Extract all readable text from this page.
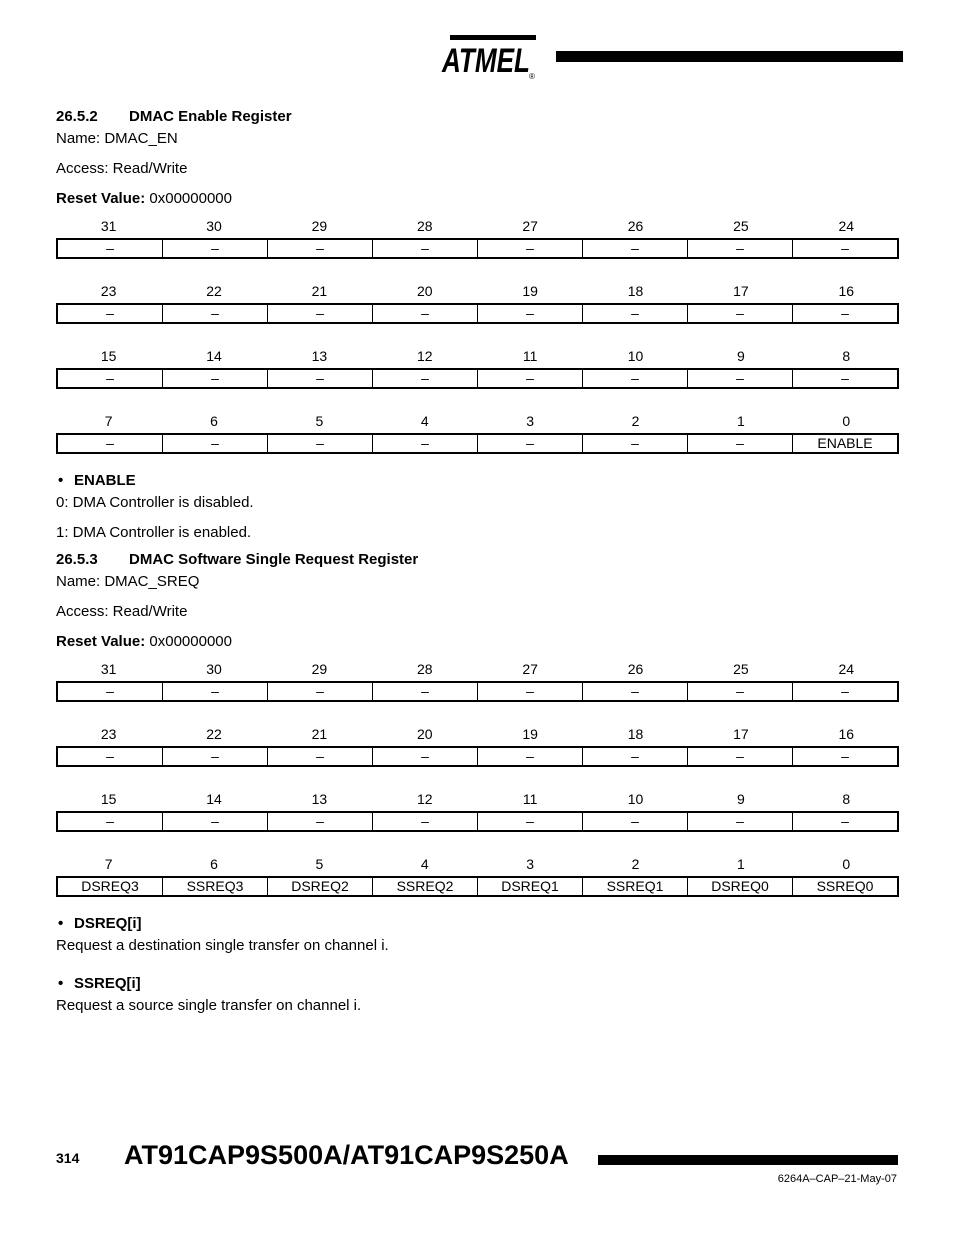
ATMEL ®
26.5.2 DMAC Enable Register
Name: DMAC_EN
Access: Read/Write
Reset Value: 0x00000000
31	30	29	28	27	26	25	24
–	–	–	–	–	–	–	–
23	22	21	20	19	18	17	16
–	–	–	–	–	–	–	–
15	14	13	12	11	10	9	8
–	–	–	–	–	–	–	–
7	6	5	4	3	2	1	0
–	–	–	–	–	–	–	ENABLE
• ENABLE
0: DMA Controller is disabled.
1: DMA Controller is enabled.
26.5.3 DMAC Software Single Request Register
Name: DMAC_SREQ
Access: Read/Write
Reset Value: 0x00000000
31	30	29	28	27	26	25	24
–	–	–	–	–	–	–	–
23	22	21	20	19	18	17	16
–	–	–	–	–	–	–	–
15	14	13	12	11	10	9	8
–	–	–	–	–	–	–	–
7	6	5	4	3	2	1	0
DSREQ3	SSREQ3	DSREQ2	SSREQ2	DSREQ1	SSREQ1	DSREQ0	SSREQ0
• DSREQ[i]
Request a destination single transfer on channel i.
• SSREQ[i]
Request a source single transfer on channel i.
314 AT91CAP9S500A/AT91CAP9S250A
6264A–CAP–21-May-07
